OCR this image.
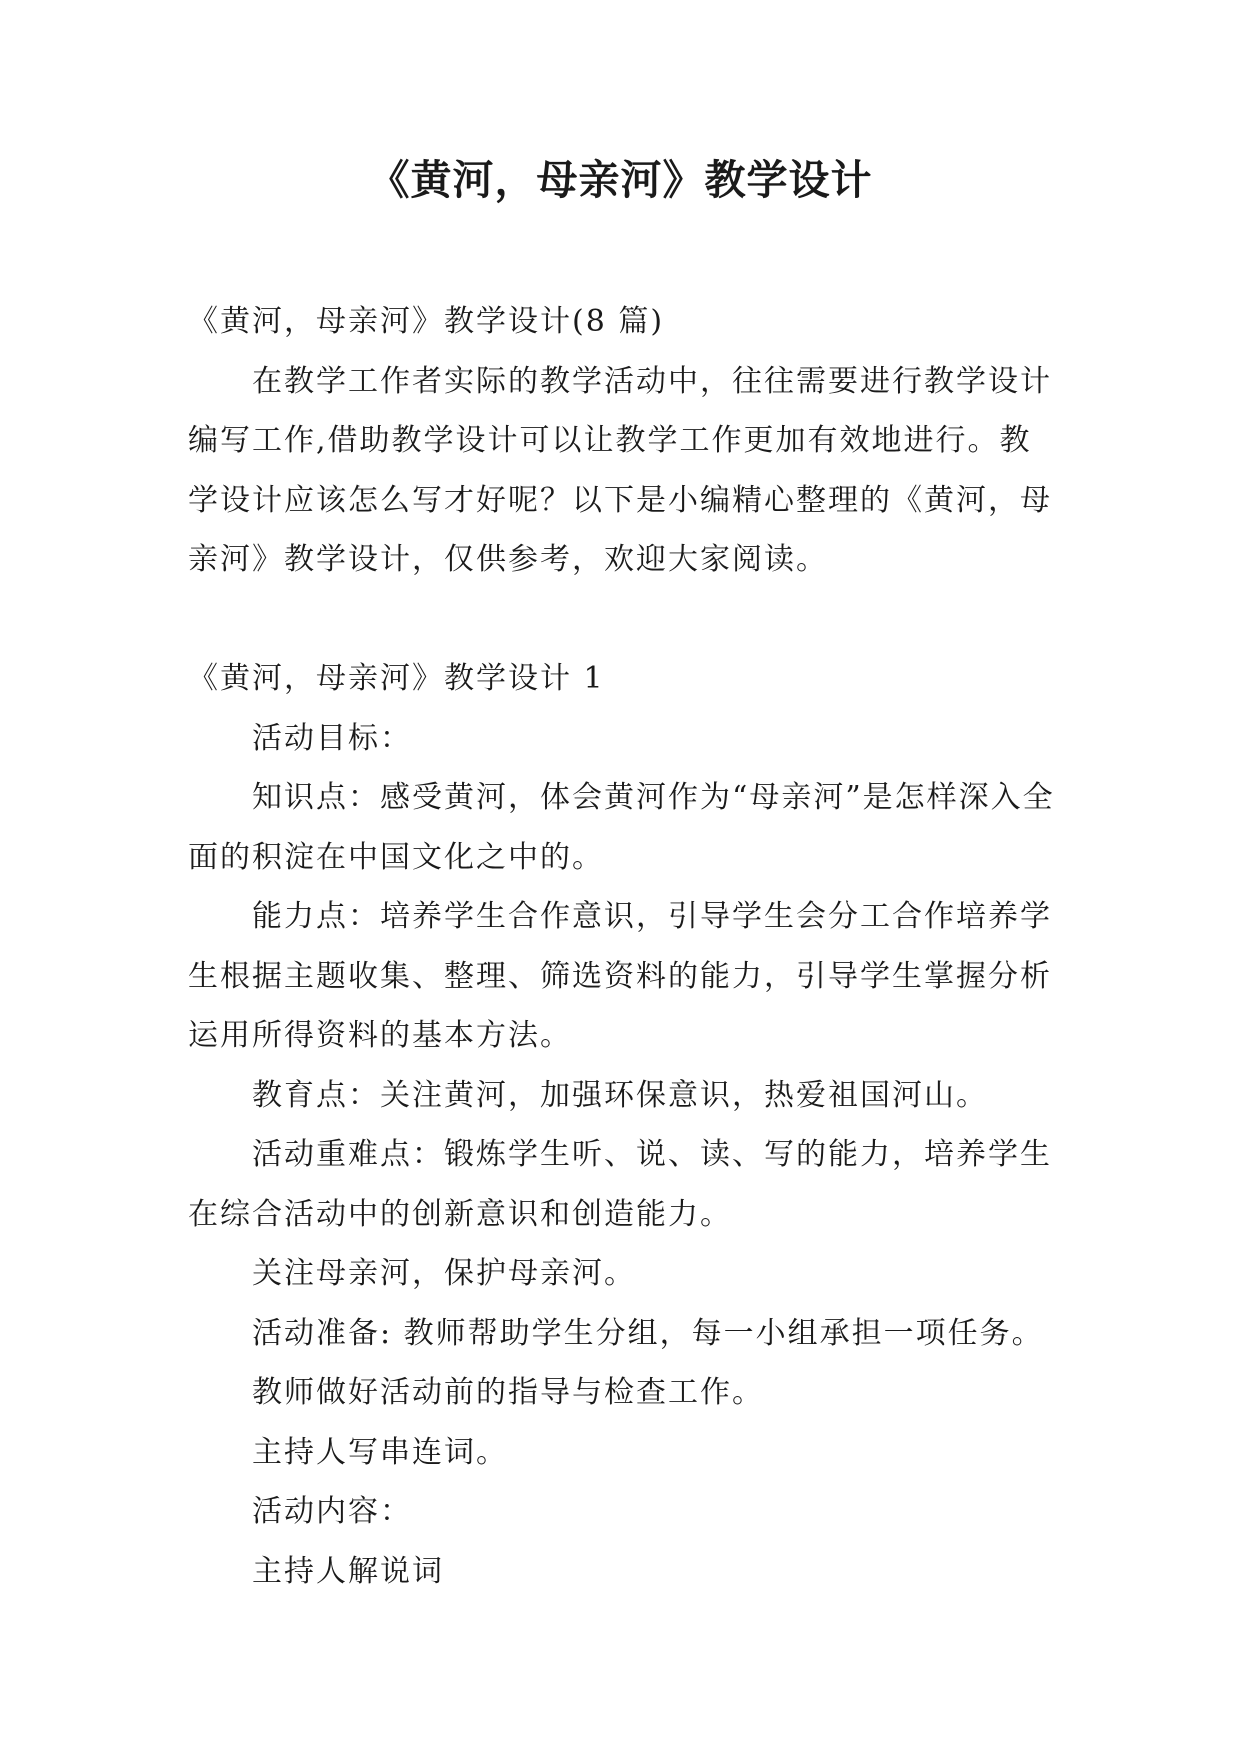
《黄河，母亲河》教学设计

《黄河，母亲河》教学设计(8 篇)

在教学工作者实际的教学活动中，往往需要进行教学设计编写工作,借助教学设计可以让教学工作更加有效地进行。教学设计应该怎么写才好呢？以下是小编精心整理的《黄河，母亲河》教学设计，仅供参考，欢迎大家阅读。

《黄河，母亲河》教学设计 1

活动目标：

知识点：感受黄河，体会黄河作为“母亲河”是怎样深入全面的积淀在中国文化之中的。

能力点：培养学生合作意识，引导学生会分工合作培养学生根据主题收集、整理、筛选资料的能力，引导学生掌握分析运用所得资料的基本方法。

教育点：关注黄河，加强环保意识，热爱祖国河山。

活动重难点：锻炼学生听、说、读、写的能力，培养学生在综合活动中的创新意识和创造能力。

关注母亲河，保护母亲河。

活动准备: 教师帮助学生分组，每一小组承担一项任务。

教师做好活动前的指导与检查工作。

主持人写串连词。

活动内容：

主持人解说词
